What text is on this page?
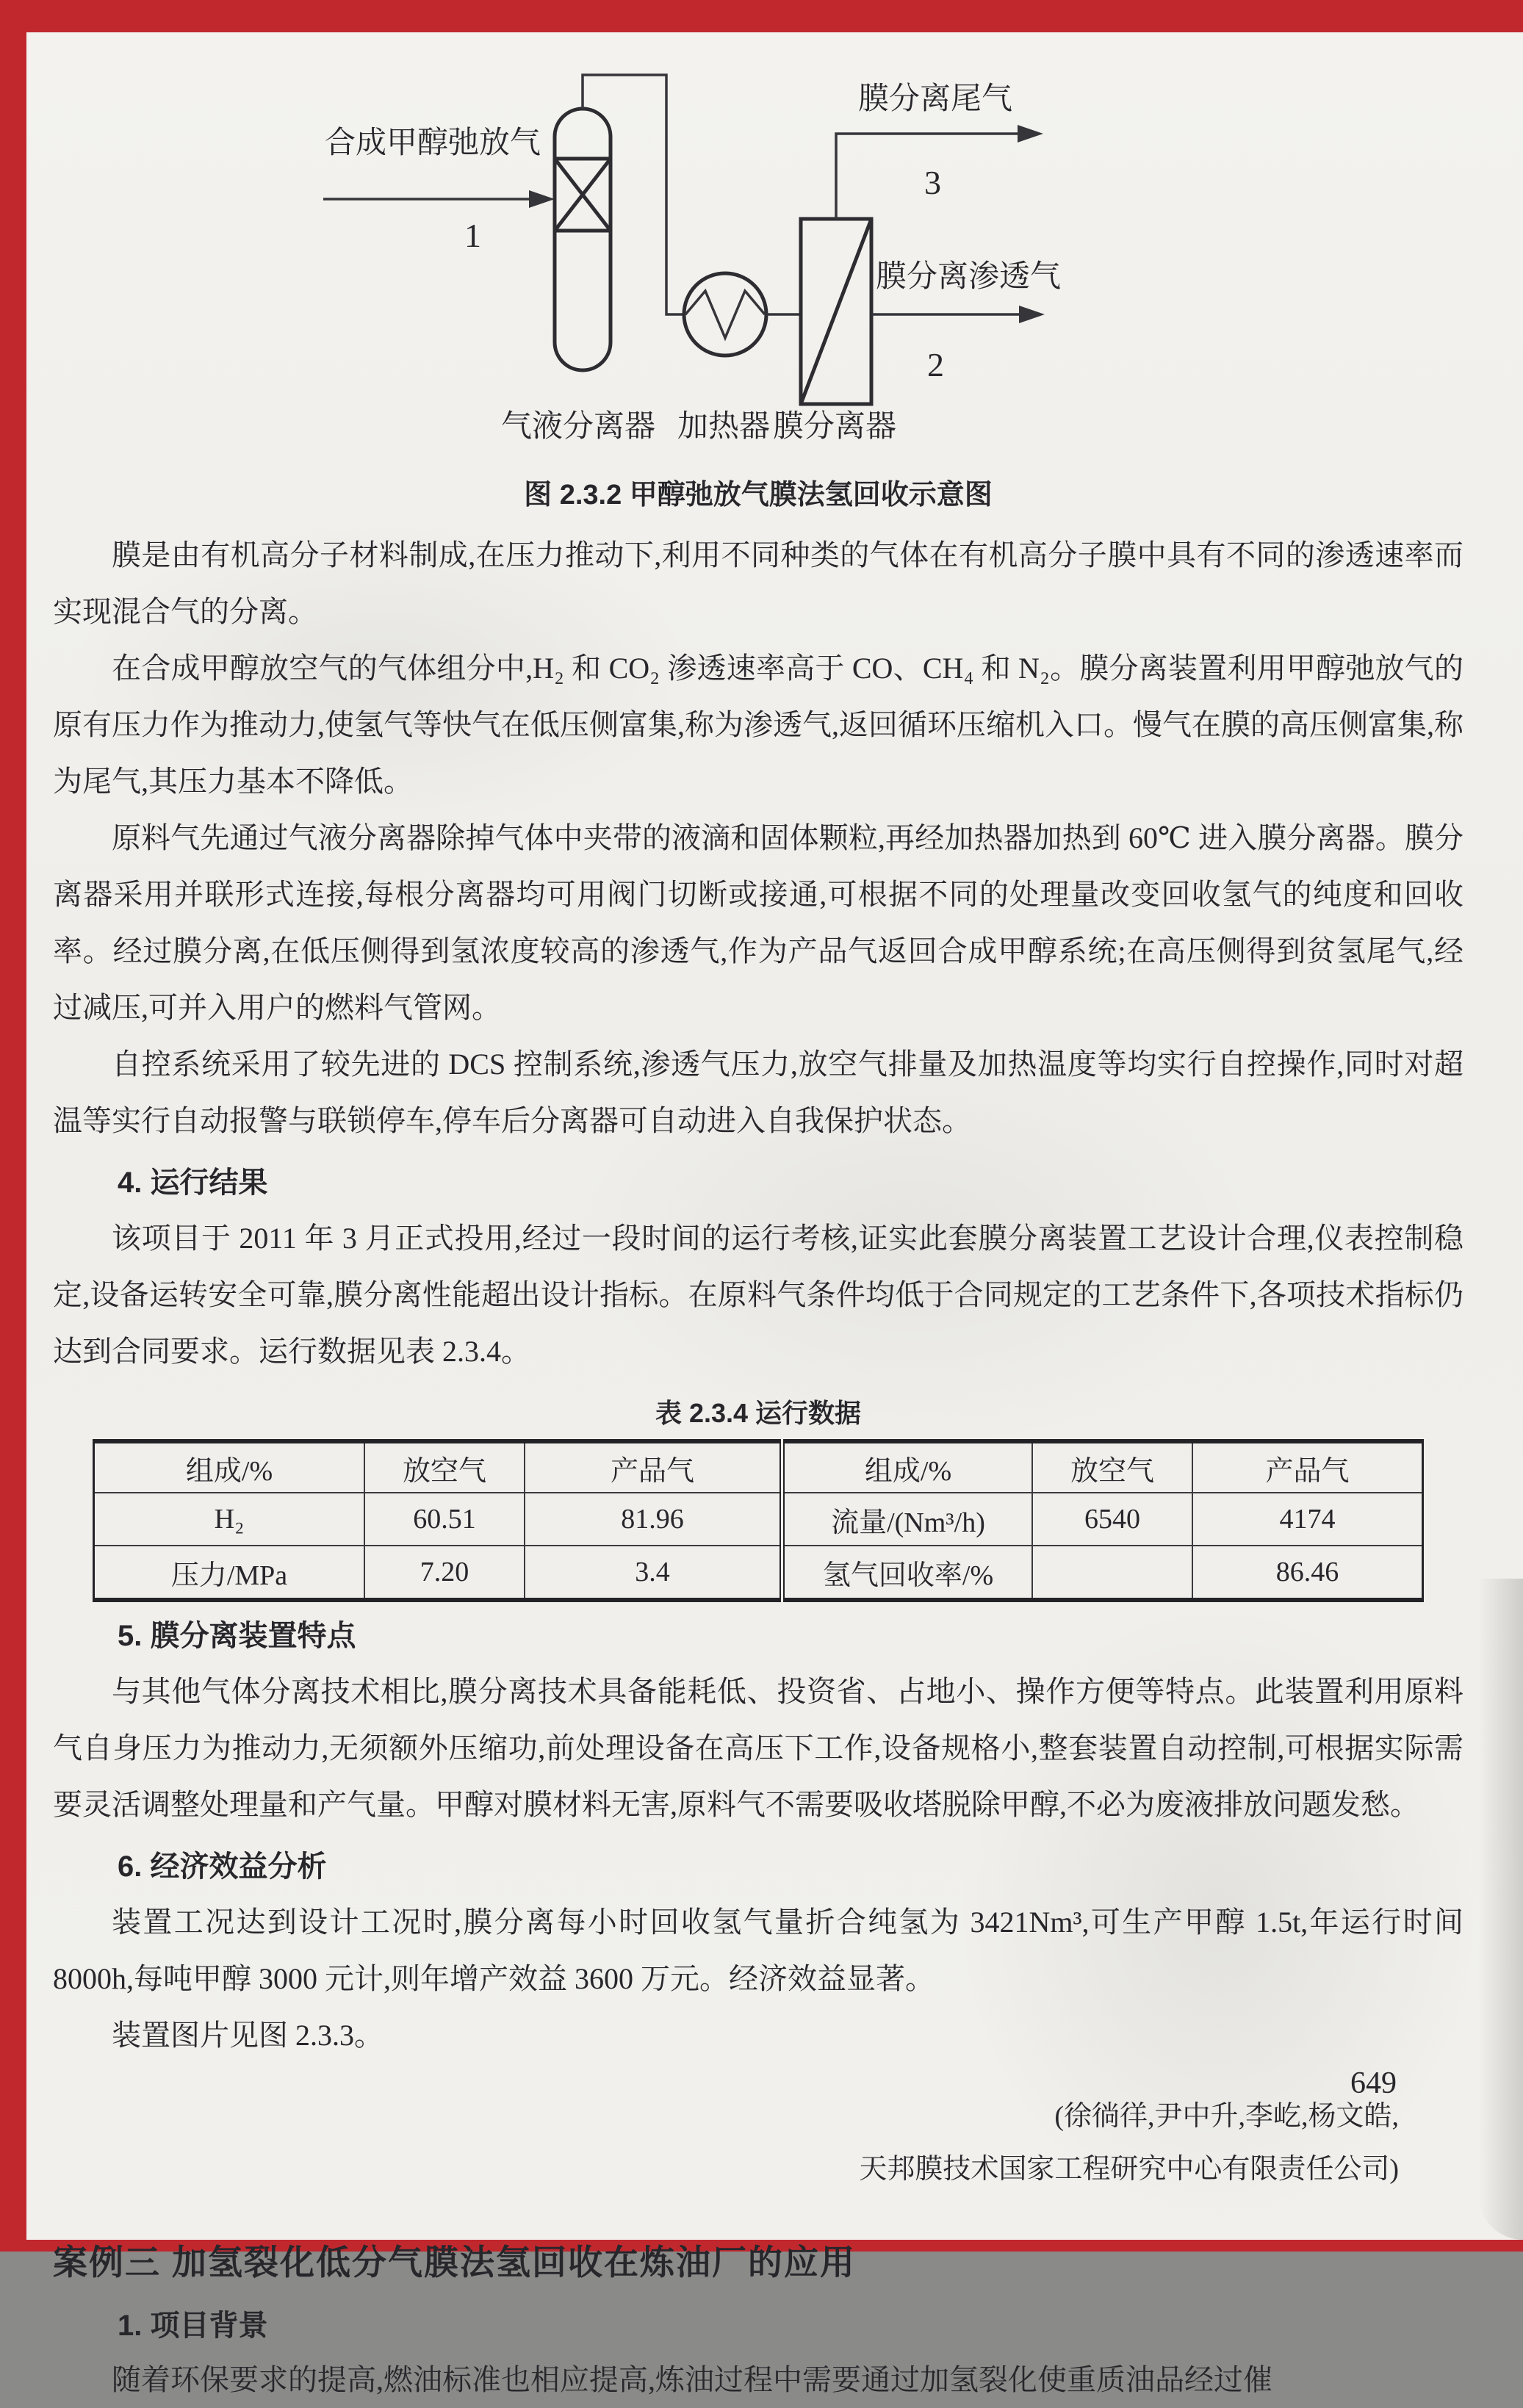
合成甲醇弛放气
1
膜分离尾气
3
膜分离渗透气
2
气液分离器 加热器 膜分离器
图 2.3.2 甲醇弛放气膜法氢回收示意图

膜是由有机高分子材料制成,在压力推动下,利用不同种类的气体在有机高分子膜中具有不同的渗透速率而实现混合气的分离。

在合成甲醇放空气的气体组分中,H₂ 和 CO₂ 渗透速率高于 CO、CH₄ 和 N₂。膜分离装置利用甲醇弛放气的原有压力作为推动力,使氢气等快气在低压侧富集,称为渗透气,返回循环压缩机入口。慢气在膜的高压侧富集,称为尾气,其压力基本不降低。

原料气先通过气液分离器除掉气体中夹带的液滴和固体颗粒,再经加热器加热到 60℃ 进入膜分离器。膜分离器采用并联形式连接,每根分离器均可用阀门切断或接通,可根据不同的处理量改变回收氢气的纯度和回收率。经过膜分离,在低压侧得到氢浓度较高的渗透气,作为产品气返回合成甲醇系统;在高压侧得到贫氢尾气,经过减压,可并入用户的燃料气管网。

自控系统采用了较先进的 DCS 控制系统,渗透气压力,放空气排量及加热温度等均实行自控操作,同时对超温等实行自动报警与联锁停车,停车后分离器可自动进入自我保护状态。

4. 运行结果

该项目于 2011 年 3 月正式投用,经过一段时间的运行考核,证实此套膜分离装置工艺设计合理,仪表控制稳定,设备运转安全可靠,膜分离性能超出设计指标。在原料气条件均低于合同规定的工艺条件下,各项技术指标仍达到合同要求。运行数据见表 2.3.4。

表 2.3.4 运行数据
组成/%	放空气	产品气	组成/%	放空气	产品气
H₂	60.51	81.96	流量/(Nm³/h)	6540	4174
压力/MPa	7.20	3.4	氢气回收率/%		86.46
5. 膜分离装置特点

与其他气体分离技术相比,膜分离技术具备能耗低、投资省、占地小、操作方便等特点。此装置利用原料气自身压力为推动力,无须额外压缩功,前处理设备在高压下工作,设备规格小,整套装置自动控制,可根据实际需要灵活调整处理量和产气量。甲醇对膜材料无害,原料气不需要吸收塔脱除甲醇,不必为废液排放问题发愁。

6. 经济效益分析

装置工况达到设计工况时,膜分离每小时回收氢气量折合纯氢为 3421Nm³,可生产甲醇 1.5t,年运行时间 8000h,每吨甲醇 3000 元计,则年增产效益 3600 万元。经济效益显著。

装置图片见图 2.3.3。

(徐徜徉,尹中升,李屹,杨文皓,
天邦膜技术国家工程研究中心有限责任公司)
案例三 加氢裂化低分气膜法氢回收在炼油厂的应用
1. 项目背景

随着环保要求的提高,燃油标准也相应提高,炼油过程中需要通过加氢裂化使重质油品经过催

649
